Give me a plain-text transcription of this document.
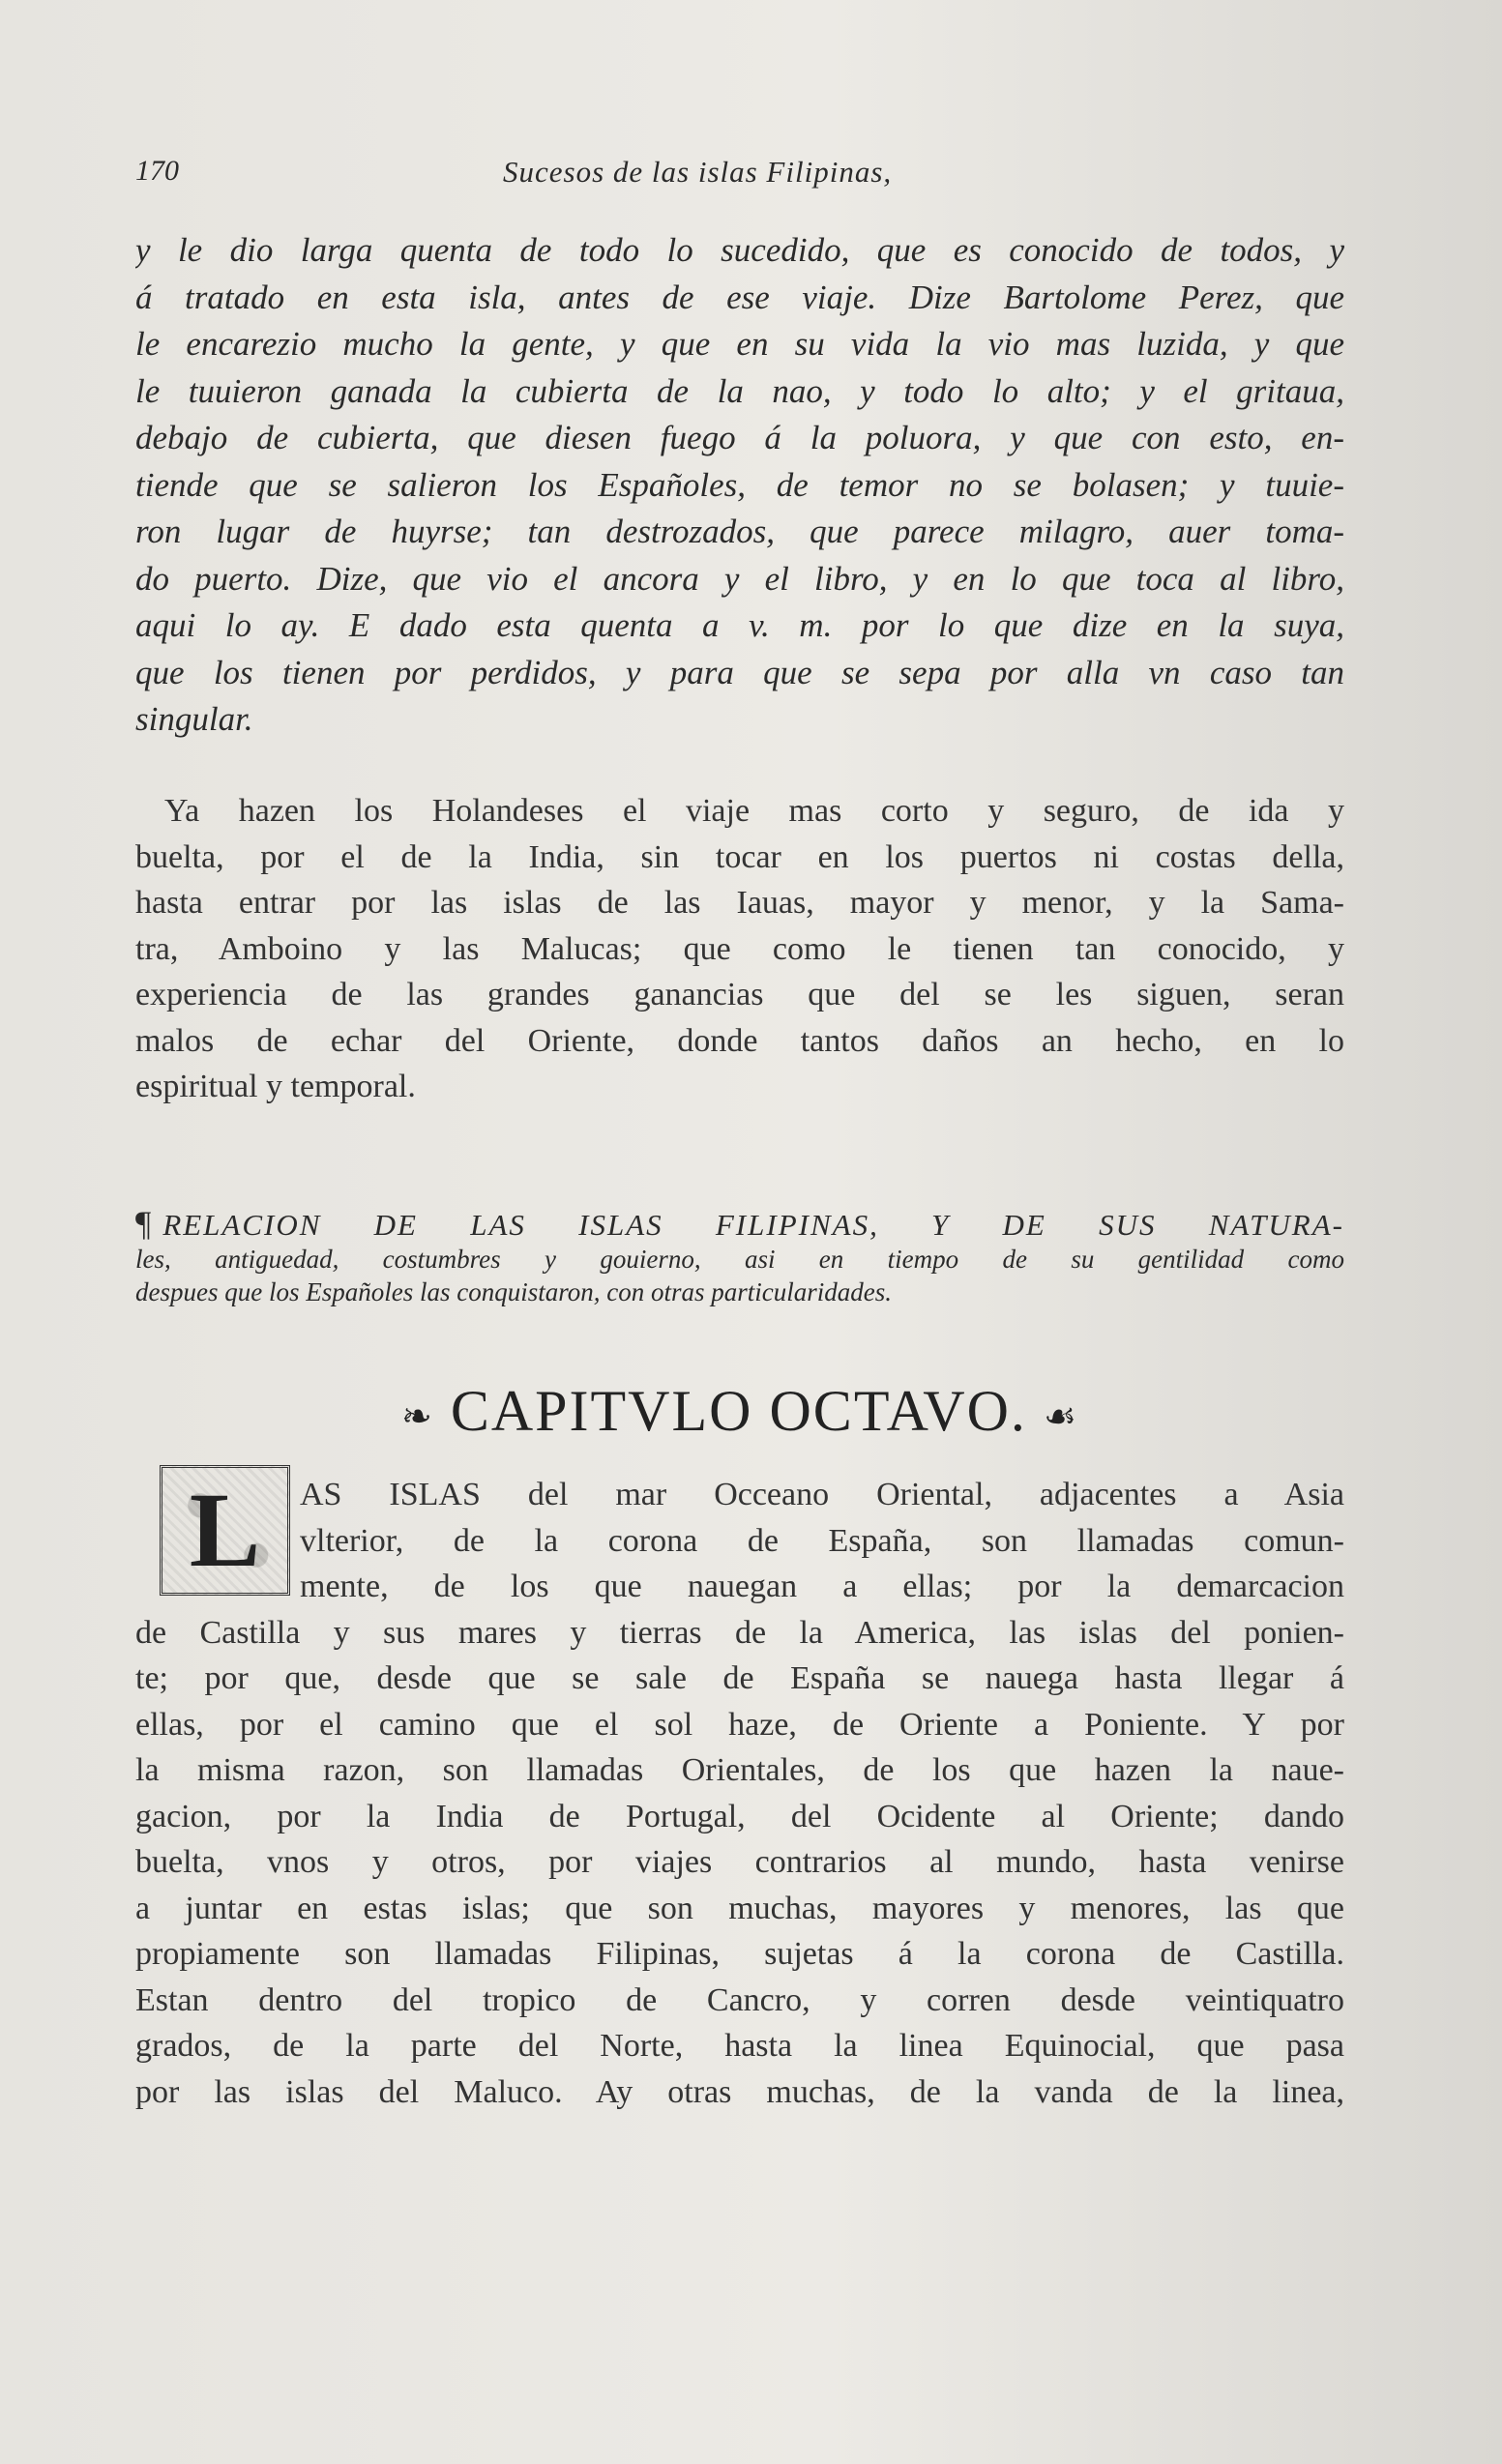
170	Sucesos de las islas Filipinas,
y le dio larga quenta de todo lo sucedido, que es conocido de todos, y
á tratado en esta isla, antes de ese viaje. Dize Bartolome Perez, que
le encarezio mucho la gente, y que en su vida la vio mas luzida, y que
le tuuieron ganada la cubierta de la nao, y todo lo alto; y el gritaua,
debajo de cubierta, que diesen fuego á la poluora, y que con esto, en-
tiende que se salieron los Españoles, de temor no se bolasen; y tuuie-
ron lugar de huyrse; tan destrozados, que parece milagro, auer toma-
do puerto. Dize, que vio el ancora y el libro, y en lo que toca al libro,
aqui lo ay. E dado esta quenta a v. m. por lo que dize en la suya,
que los tienen por perdidos, y para que se sepa por alla vn caso tan
singular.
Ya hazen los Holandeses el viaje mas corto y seguro, de ida y
buelta, por el de la India, sin tocar en los puertos ni costas della,
hasta entrar por las islas de las Iauas, mayor y menor, y la Sama-
tra, Amboino y las Malucas; que como le tienen tan conocido, y
experiencia de las grandes ganancias que del se les siguen, seran
malos de echar del Oriente, donde tantos daños an hecho, en lo
espiritual y temporal.
¶ RELACION DE LAS ISLAS FILIPINAS, Y DE SUS NATURA-
les, antiguedad, costumbres y gouierno, asi en tiempo de su gentilidad como
despues que los Españoles las conquistaron, con otras particularidades.
❧ CAPITVLO OCTAVO. ☙
L	AS ISLAS del mar Occeano Oriental, adjacentes a Asia
vlterior, de la corona de España, son llamadas comun-
mente, de los que nauegan a ellas; por la demarcacion
de Castilla y sus mares y tierras de la America, las islas del ponien-
te; por que, desde que se sale de España se nauega hasta llegar á
ellas, por el camino que el sol haze, de Oriente a Poniente. Y por
la misma razon, son llamadas Orientales, de los que hazen la naue-
gacion, por la India de Portugal, del Ocidente al Oriente; dando
buelta, vnos y otros, por viajes contrarios al mundo, hasta venirse
a juntar en estas islas; que son muchas, mayores y menores, las que
propiamente son llamadas Filipinas, sujetas á la corona de Castilla.
Estan dentro del tropico de Cancro, y corren desde veintiquatro
grados, de la parte del Norte, hasta la linea Equinocial, que pasa
por las islas del Maluco. Ay otras muchas, de la vanda de la linea,
